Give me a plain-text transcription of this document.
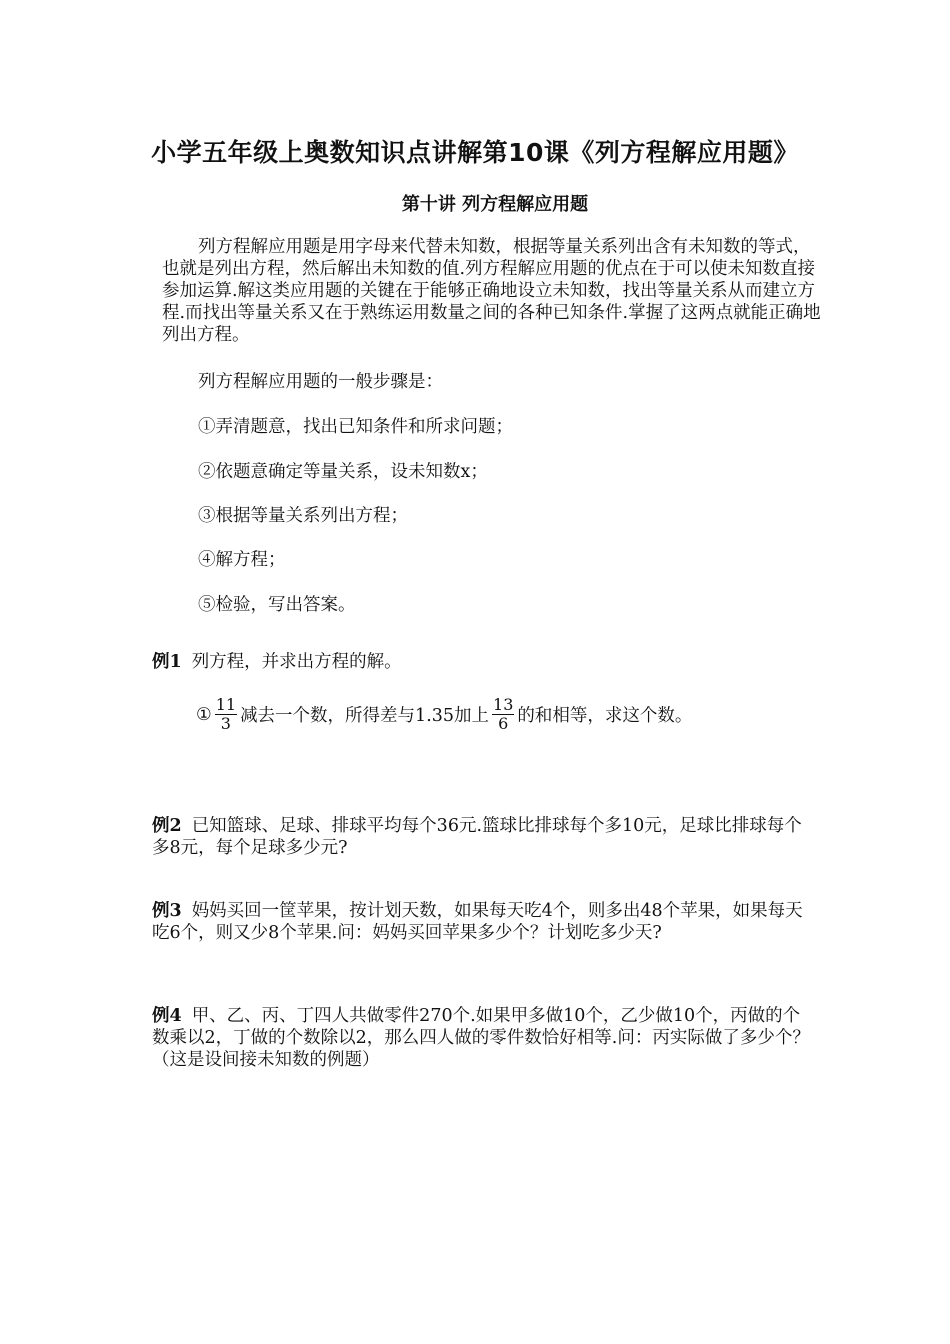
小学五年级上奥数知识点讲解第10课《列方程解应用题》
第十讲 列方程解应用题

列方程解应用题是用字母来代替未知数，根据等量关系列出含有未知数的等式，也就是列出方程，然后解出未知数的值.列方程解应用题的优点在于可以使未知数直接参加运算.解这类应用题的关键在于能够正确地设立未知数，找出等量关系从而建立方程.而找出等量关系又在于熟练运用数量之间的各种已知条件.掌握了这两点就能正确地列出方程。

列方程解应用题的一般步骤是：

①弄清题意，找出已知条件和所求问题；

②依题意确定等量关系，设未知数x；

③根据等量关系列出方程；

④解方程；

⑤检验，写出答案。

例1 列方程，并求出方程的解。

① $\frac{11}{3}$ 减去一个数，所得差与1.35加上 $\frac{13}{6}$ 的和相等，求这个数。

例2 已知篮球、足球、排球平均每个36元.篮球比排球每个多10元，足球比排球每个多8元，每个足球多少元?

例3 妈妈买回一筐苹果，按计划天数，如果每天吃4个，则多出48个苹果，如果每天吃6个，则又少8个苹果.问：妈妈买回苹果多少个？计划吃多少天?

例4 甲、乙、丙、丁四人共做零件270个.如果甲多做10个，乙少做10个，丙做的个数乘以2，丁做的个数除以2，那么四人做的零件数恰好相等.问：丙实际做了多少个？（这是设间接未知数的例题）
